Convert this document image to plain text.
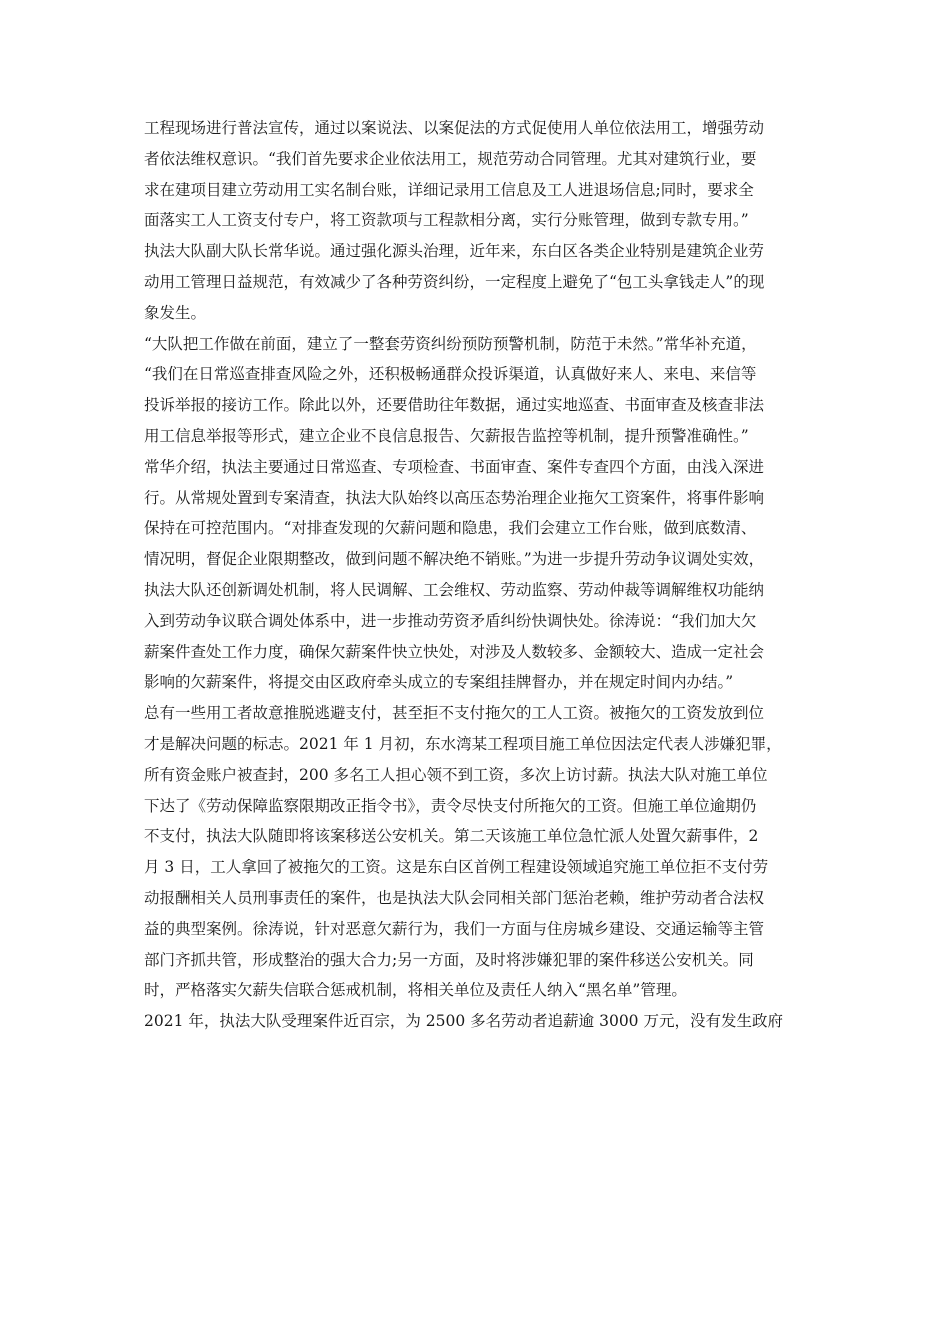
工程现场进行普法宣传，通过以案说法、以案促法的方式促使用人单位依法用工，增强劳动
者依法维权意识。“我们首先要求企业依法用工，规范劳动合同管理。尤其对建筑行业，要
求在建项目建立劳动用工实名制台账，详细记录用工信息及工人进退场信息;同时，要求全
面落实工人工资支付专户，将工资款项与工程款相分离，实行分账管理，做到专款专用。”
执法大队副大队长常华说。通过强化源头治理，近年来，东白区各类企业特别是建筑企业劳
动用工管理日益规范，有效减少了各种劳资纠纷，一定程度上避免了“包工头拿钱走人”的现
象发生。
“大队把工作做在前面，建立了一整套劳资纠纷预防预警机制，防范于未然。”常华补充道，
“我们在日常巡查排查风险之外，还积极畅通群众投诉渠道，认真做好来人、来电、来信等
投诉举报的接访工作。除此以外，还要借助往年数据，通过实地巡查、书面审查及核查非法
用工信息举报等形式，建立企业不良信息报告、欠薪报告监控等机制，提升预警准确性。”
常华介绍，执法主要通过日常巡查、专项检查、书面审查、案件专查四个方面，由浅入深进
行。从常规处置到专案清查，执法大队始终以高压态势治理企业拖欠工资案件，将事件影响
保持在可控范围内。“对排查发现的欠薪问题和隐患，我们会建立工作台账，做到底数清、
情况明，督促企业限期整改，做到问题不解决绝不销账。”为进一步提升劳动争议调处实效，
执法大队还创新调处机制，将人民调解、工会维权、劳动监察、劳动仲裁等调解维权功能纳
入到劳动争议联合调处体系中，进一步推动劳资矛盾纠纷快调快处。徐涛说：“我们加大欠
薪案件查处工作力度，确保欠薪案件快立快处，对涉及人数较多、金额较大、造成一定社会
影响的欠薪案件，将提交由区政府牵头成立的专案组挂牌督办，并在规定时间内办结。”
总有一些用工者故意推脱逃避支付，甚至拒不支付拖欠的工人工资。被拖欠的工资发放到位
才是解决问题的标志。2021 年 1 月初，东水湾某工程项目施工单位因法定代表人涉嫌犯罪，
所有资金账户被查封，200 多名工人担心领不到工资，多次上访讨薪。执法大队对施工单位
下达了《劳动保障监察限期改正指令书》，责令尽快支付所拖欠的工资。但施工单位逾期仍
不支付，执法大队随即将该案移送公安机关。第二天该施工单位急忙派人处置欠薪事件，2
月 3 日，工人拿回了被拖欠的工资。这是东白区首例工程建设领域追究施工单位拒不支付劳
动报酬相关人员刑事责任的案件，也是执法大队会同相关部门惩治老赖，维护劳动者合法权
益的典型案例。徐涛说，针对恶意欠薪行为，我们一方面与住房城乡建设、交通运输等主管
部门齐抓共管，形成整治的强大合力;另一方面，及时将涉嫌犯罪的案件移送公安机关。同
时，严格落实欠薪失信联合惩戒机制，将相关单位及责任人纳入“黑名单”管理。
2021 年，执法大队受理案件近百宗，为 2500 多名劳动者追薪逾 3000 万元，没有发生政府
